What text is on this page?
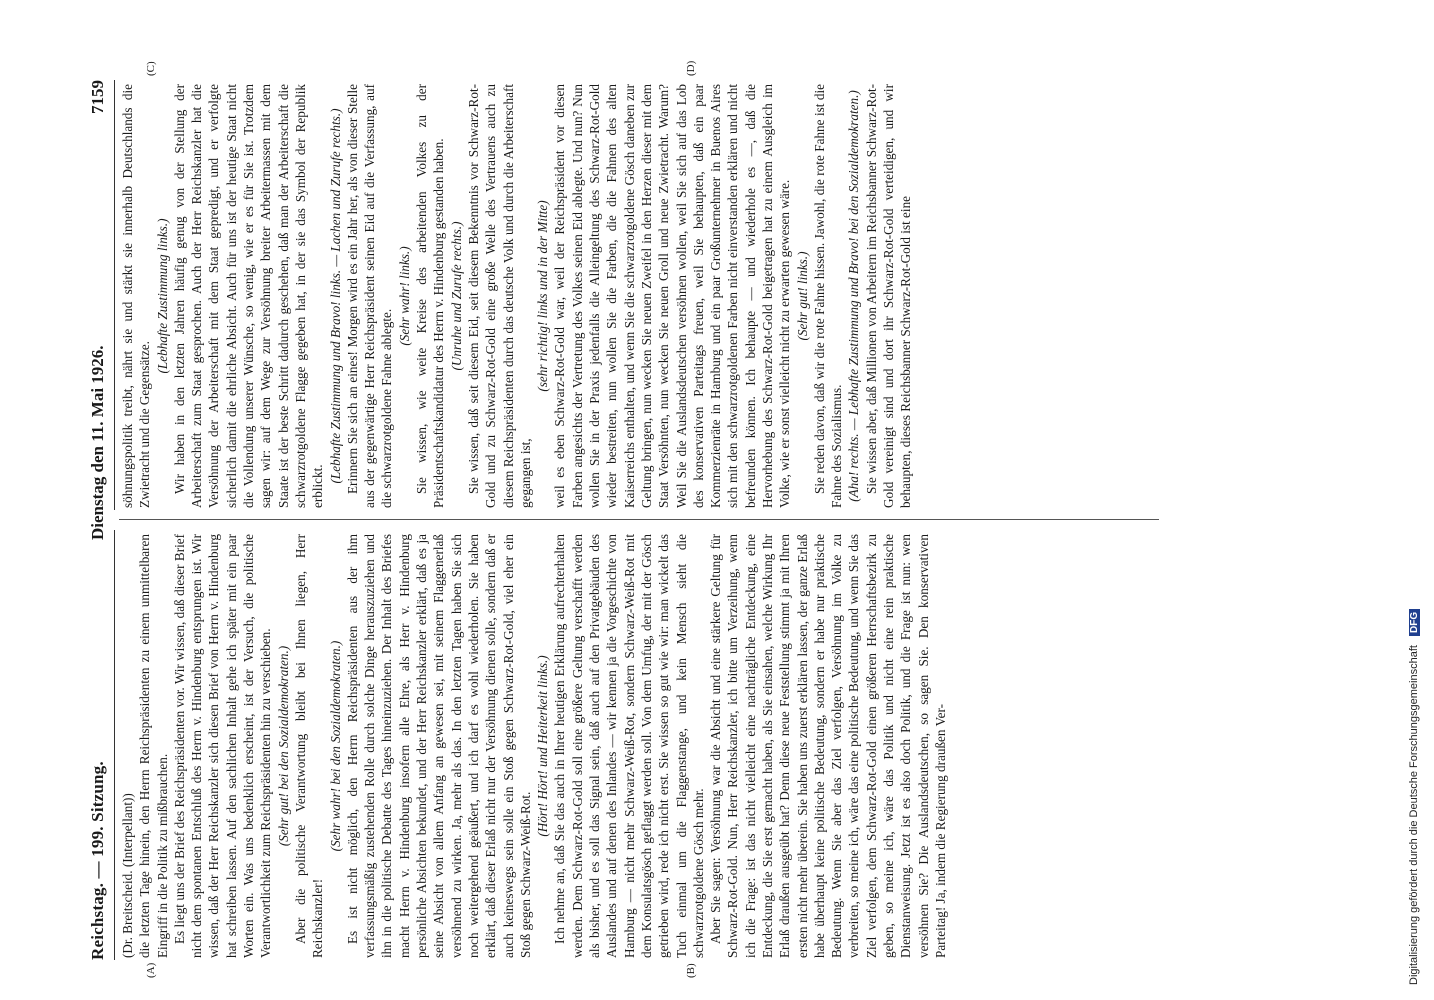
Reichstag. — 199. Sitzung.
Dienstag den 11. Mai 1926.
7159
(A)	(B)
(C)	(D)

(Dr. Breitscheid. (Interpellant)) die letzten Tage hinein, den Herrn Reichspräsidenten zu einem unmittelbaren Eingriff in die Politik zu mißbrauchen. Es liegt uns der Brief des Reichspräsidenten vor. Wir wissen, daß dieser Brief nicht dem spontanen Entschluß des Herrn v. Hindenburg entsprungen ist. Wir wissen, daß der Herr Reichskanzler sich diesen Brief von Herrn v. Hindenburg hat schreiben lassen. Auf den sachlichen Inhalt gehe ich später mit ein paar Worten ein. Was uns bedenklich erscheint, ist der Versuch, die politische Verantwortlichkeit zum Reichspräsidenten hin zu verschieben. (Sehr gut! bei den Sozialdemokraten.) Aber die politische Verantwortung bleibt bei Ihnen liegen, Herr Reichskanzler!

(Sehr wahr! bei den Sozialdemokraten.) Es ist nicht möglich, den Herrn Reichspräsidenten aus der ihm verfassungsmäßig zustehenden Rolle durch solche Dinge herauszuziehen und ihn in die politische Debatte des Tages hineinzuziehen. Der Inhalt des Briefes macht Herrn v. Hindenburg insofern alle Ehre, als Herr v. Hindenburg persönliche Absichten bekundet, und der Herr Reichskanzler erklärt, daß es ja seine Absicht von allem Anfang an gewesen sei, mit seinem Flaggenerlaß versöhnend zu wirken. Ja, mehr als das. In den letzten Tagen haben Sie sich noch weitergehend geäußert, und ich darf es wohl wiederholen. Sie haben erklärt, daß dieser Erlaß nicht nur der Versöhnung dienen solle, sondern daß er auch keineswegs sein solle ein Stoß gegen Schwarz-Rot-Gold, viel eher ein Stoß gegen Schwarz-Weiß-Rot.

(Hört! Hört! und Heiterkeit links.) Ich nehme an, daß Sie das auch in Ihrer heutigen Erklärung aufrechterhalten werden. Dem Schwarz-Rot-Gold soll eine größere Geltung verschafft werden als bisher, und es soll das Signal sein, daß auch auf den Privatgebäuden des Auslandes und auf denen des Inlandes — wir kennen ja die Vorgeschichte von Hamburg — nicht mehr Schwarz-Weiß-Rot, sondern Schwarz-Weiß-Rot mit dem Konsulatsgösch geflaggt werden soll. Von dem Umfug, der mit der Gösch getrieben wird, rede ich nicht erst. Sie wissen so gut wie wir: man wickelt das Tuch einmal um die Flaggenstange, und kein Mensch sieht die schwarzrotgoldene Gösch mehr. Aber Sie sagen: Versöhnung war die Absicht und eine stärkere Geltung für Schwarz-Rot-Gold. Nun, Herr Reichskanzler, ich bitte um Verzeihung, wenn ich die Frage: ist das nicht vielleicht eine nachträgliche Entdeckung, eine Entdeckung, die Sie erst gemacht haben, als Sie einsahen, welche Wirkung Ihr Erlaß draußen ausgeübt hat? Denn diese neue Feststellung stimmt ja mit Ihren ersten nicht mehr überein. Sie haben uns zuerst erklären lassen, der ganze Erlaß habe überhaupt keine politische Bedeutung, sondern er habe nur praktische Bedeutung. Wenn Sie aber das Ziel verfolgen, Versöhnung im Volke zu verbreiten, so meine ich, wäre das eine politische Bedeutung, und wenn Sie das Ziel verfolgen, dem Schwarz-Rot-Gold einen größeren Herrschaftsbezirk zu geben, so meine ich, wäre das Politik und nicht eine rein praktische Dienstanweisung. Jetzt ist es also doch Politik, und die Frage ist nun: wen versöhnen Sie? Die Auslandsdeutschen, so sagen Sie. Den konservativen Parteitag! Ja, indem die Regierung draußen Ver-

söhnungspolitik treibt, nährt sie und stärkt sie innerhalb Deutschlands die Zwietracht und die Gegensätze.

(Lebhafte Zustimmung links.) Wir haben in den letzten Jahren häufig genug von der Stellung der Arbeiterschaft zum Staat gesprochen. Auch der Herr Reichskanzler hat die Versöhnung der Arbeiterschaft mit dem Staat gepredigt, und er verfolgte sicherlich damit die ehrliche Absicht. Auch für uns ist der heutige Staat nicht die Vollendung unserer Wünsche, so wenig, wie er es für Sie ist. Trotzdem sagen wir: auf dem Wege zur Versöhnung breiter Arbeitermassen mit dem Staate ist der beste Schritt dadurch geschehen, daß man der Arbeiterschaft die schwarzrotgoldene Flagge gegeben hat, in der sie das Symbol der Republik erblickt.

(Lebhafte Zustimmung und Bravo! links. — Lachen und Zurufe rechts.) Erinnern Sie sich an eines! Morgen wird es ein Jahr her, als von dieser Stelle aus der gegenwärtige Herr Reichspräsident seinen Eid auf die Verfassung, auf die schwarzrotgoldene Fahne ablegte.

(Sehr wahr! links.) Sie wissen, wie weite Kreise des arbeitenden Volkes zu der Präsidentschaftskandidatur des Herrn v. Hindenburg gestanden haben. (Unruhe und Zurufe rechts.) Sie wissen, daß seit diesem Eid, seit diesem Bekenntnis vor Schwarz-Rot-Gold und zu Schwarz-Rot-Gold eine große Welle des Vertrauens auch zu diesem Reichspräsidenten durch das deutsche Volk und durch die Arbeiterschaft gegangen ist,

(sehr richtig! links und in der Mitte) weil es eben Schwarz-Rot-Gold war, weil der Reichspräsident vor diesen Farben angesichts der Vertretung des Volkes seinen Eid ablegte. Und nun? Nun wollen Sie in der Praxis jedenfalls die Alleingeltung des Schwarz-Rot-Gold wieder bestreiten, nun wollen Sie die Farben, die die Fahnen des alten Kaiserreichs enthalten, und wenn Sie die schwarzrotgoldene Gösch daneben zur Geltung bringen, nun wecken Sie neuen Zweifel in den Herzen dieser mit dem Staat Versöhnten, nun wecken Sie neuen Groll und neue Zwietracht. Warum? Weil Sie die Auslandsdeutschen versöhnen wollen, weil Sie sich auf das Lob des konservativen Parteitags freuen, weil Sie behaupten, daß ein paar Kommerzienräte in Hamburg und ein paar Großunternehmer in Buenos Aires sich mit den schwarzrotgoldenen Farben nicht einverstanden erklären und nicht befreunden können. Ich behaupte — und wiederhole es —, daß die Hervorhebung des Schwarz-Rot-Gold beigetragen hat zu einem Ausgleich im Volke, wie er sonst vielleicht nicht zu erwarten gewesen wäre. (Sehr gut! links.) Sie reden davon, daß wir die rote Fahne hissen. Jawohl, die rote Fahne ist die Fahne des Sozialismus. (Aha! rechts. — Lebhafte Zustimmung und Bravo! bei den Sozialdemokraten.) Sie wissen aber, daß Millionen von Arbeitern im Reichsbanner Schwarz-Rot-Gold vereinigt sind und dort ihr Schwarz-Rot-Gold verteidigen, und wir behaupten, dieses Reichsbanner Schwarz-Rot-Gold ist eine

Digitalisierung gefördert durch die Deutsche Forschungsgemeinschaft DFG
